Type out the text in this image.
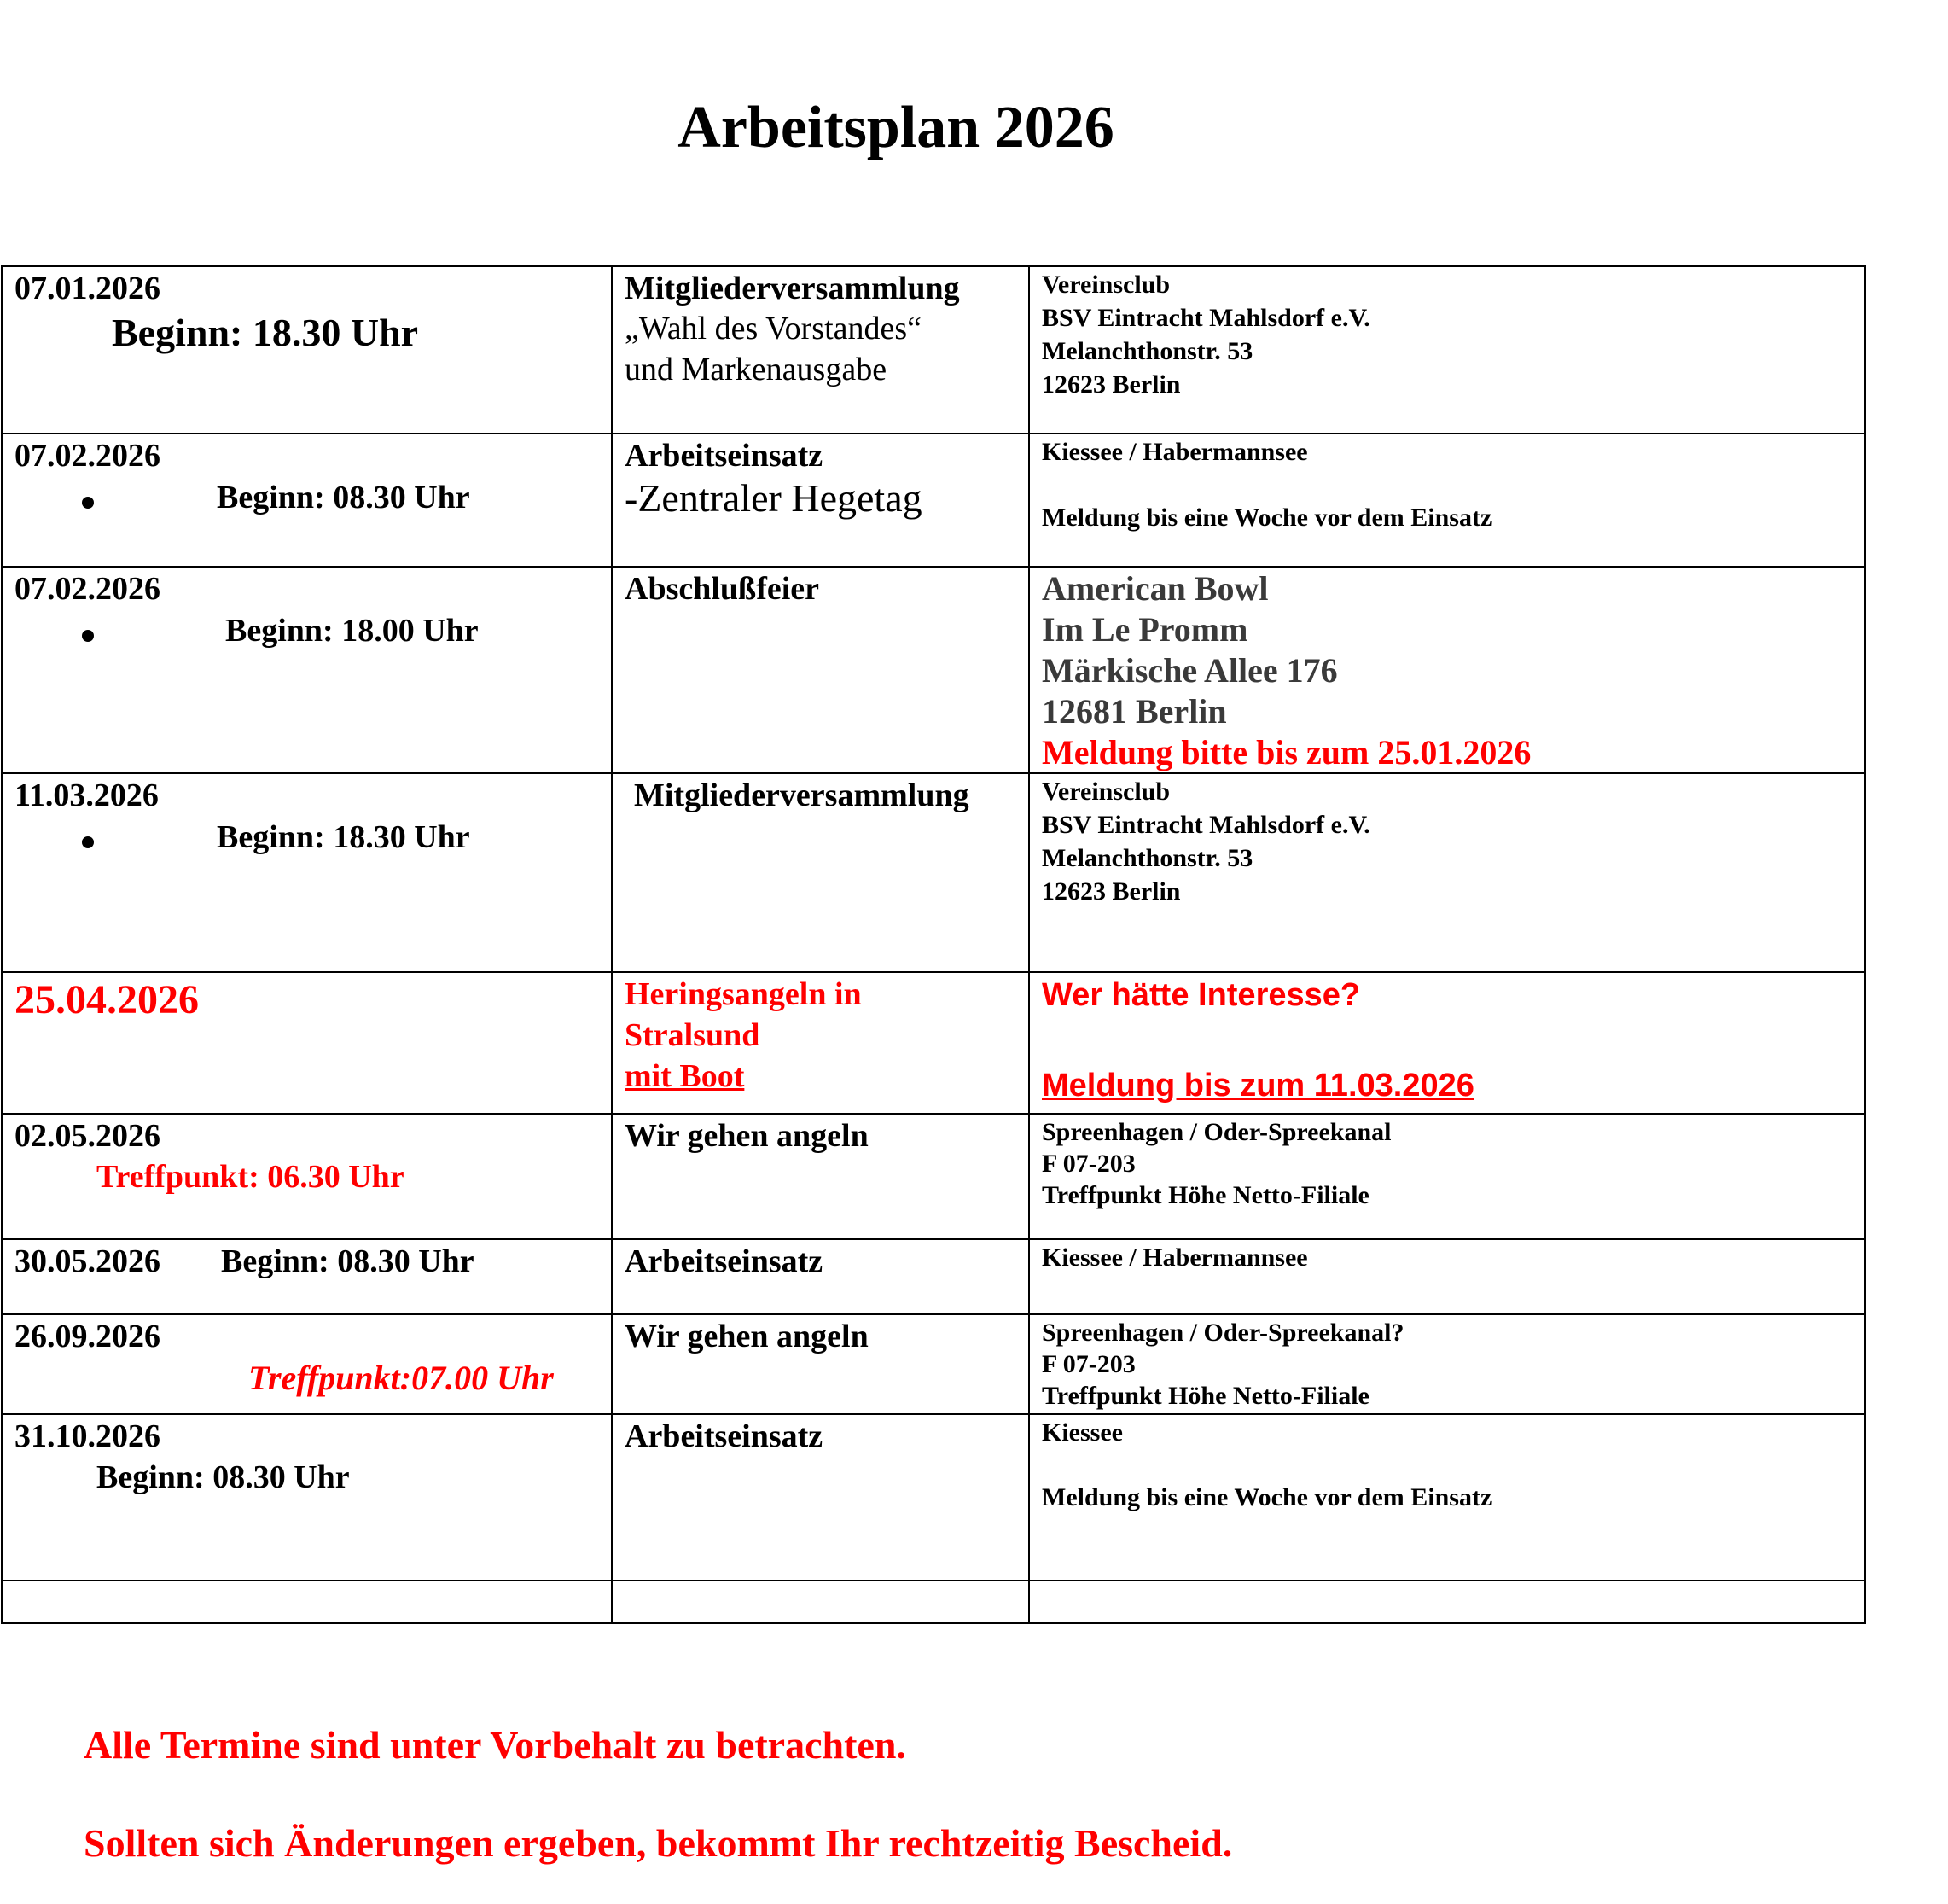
Arbeitsplan 2026
07.01.2026
Beginn: 18.30 Uhr	Mitgliederversammlung
„Wahl des Vorstandes“
und Markenausgabe	Vereinsclub
BSV Eintracht Mahlsdorf e.V.
Melanchthonstr. 53
12623 Berlin

07.02.2026
Beginn: 08.30 Uhr	Arbeitseinsatz
-Zentraler Hegetag	Kiessee / Habermannsee
Meldung bis eine Woche vor dem Einsatz

07.02.2026
Beginn: 18.00 Uhr	Abschlußfeier	American Bowl
Im Le Promm
Märkische Allee 176
12681 Berlin
Meldung bitte bis zum 25.01.2026

11.03.2026
Beginn: 18.30 Uhr	Mitgliederversammlung	Vereinsclub
BSV Eintracht Mahlsdorf e.V.
Melanchthonstr. 53
12623 Berlin

25.04.2026	Heringsangeln in
Stralsund
mit Boot	Wer hätte Interesse?
Meldung bis zum 11.03.2026

02.05.2026
Treffpunkt: 06.30 Uhr	Wir gehen angeln	Spreenhagen / Oder-Spreekanal
F 07-203
Treffpunkt Höhe Netto-Filiale

30.05.2026 Beginn: 08.30 Uhr	Arbeitseinsatz	Kiessee / Habermannsee

26.09.2026
Treffpunkt:07.00 Uhr	Wir gehen angeln	Spreenhagen / Oder-Spreekanal?
F 07-203
Treffpunkt Höhe Netto-Filiale

31.10.2026
Beginn: 08.30 Uhr	Arbeitseinsatz	Kiessee
Meldung bis eine Woche vor dem Einsatz

Alle Termine sind unter Vorbehalt zu betrachten.
Sollten sich Änderungen ergeben, bekommt Ihr rechtzeitig Bescheid.
